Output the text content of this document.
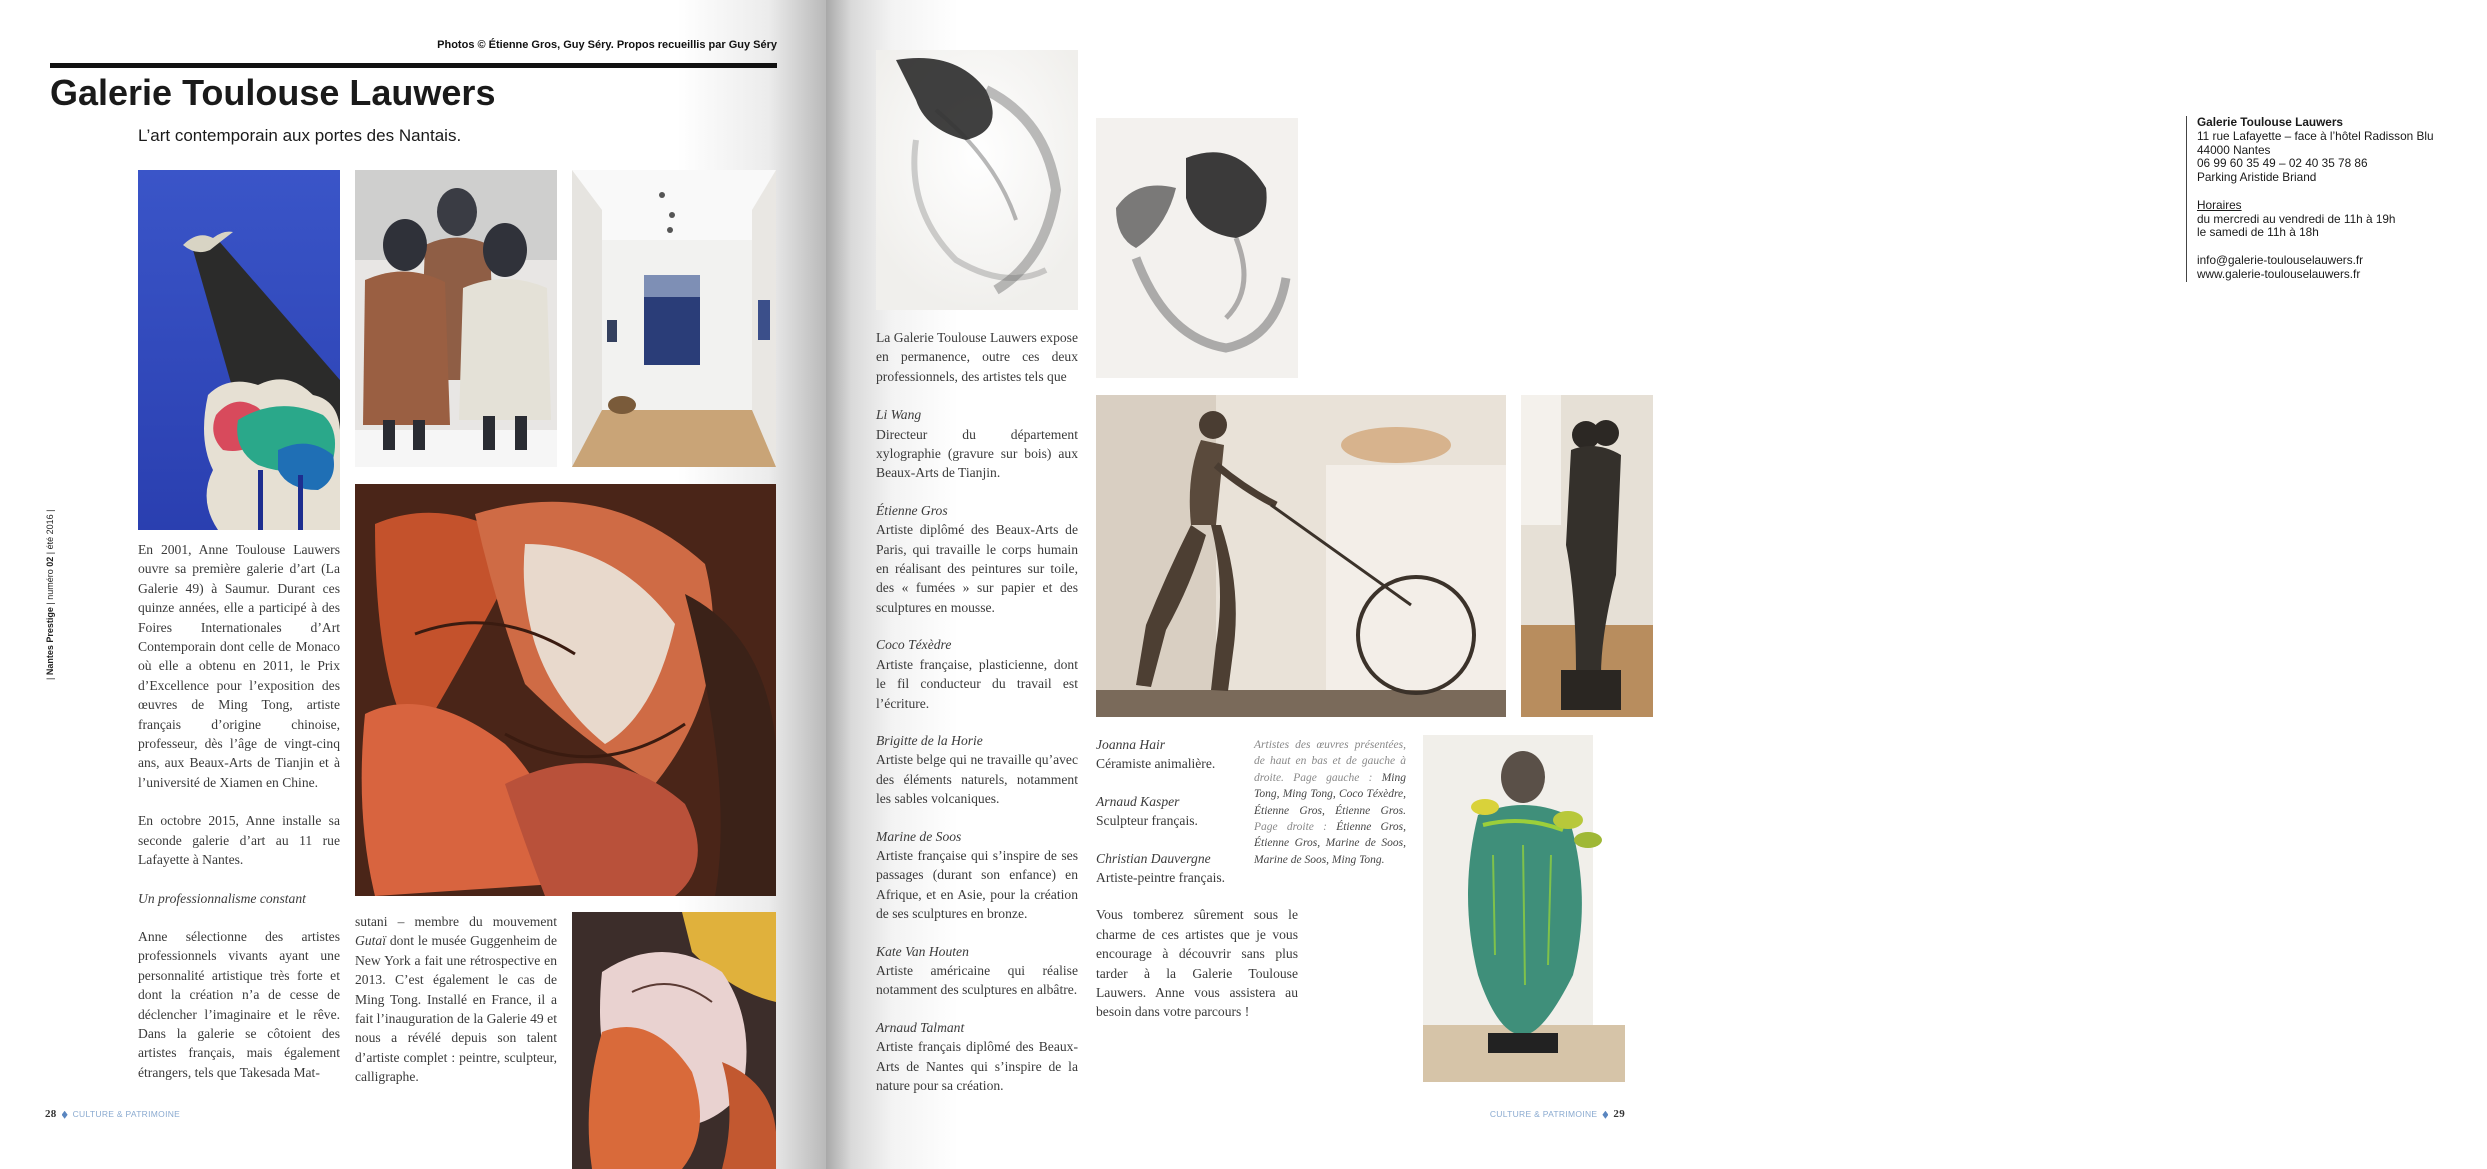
Photos © Étienne Gros, Guy Séry. Propos recueillis par Guy Séry
Galerie Toulouse Lauwers
L’art contemporain aux portes des Nantais.
| Nantes Prestige | numéro 02 | été 2016 |

En 2001, Anne Toulouse Lauwers ouvre sa première galerie d’art (La Galerie 49) à Saumur. Durant ces quinze années, elle a participé à des Foires Internationales d’Art Contemporain dont celle de Monaco où elle a obtenu en 2011, le Prix d’Excellence pour l’exposition des œuvres de Ming Tong, artiste français d’origine chinoise, professeur, dès l’âge de vingt-cinq ans, aux Beaux-Arts de Tianjin et à l’université de Xiamen en Chine.

En octobre 2015, Anne installe sa seconde galerie d’art au 11 rue Lafayette à Nantes.

Un professionnalisme constant

Anne sélectionne des artistes professionnels vivants ayant une personnalité artistique très forte et dont la création n’a de cesse de déclencher l’imaginaire et le rêve. Dans la galerie se côtoient des artistes français, mais également étrangers, tels que Takesada Mat-

sutani – membre du mouvement Gutaï dont le musée Guggenheim de New York a fait une rétrospective en 2013. C’est également le cas de Ming Tong. Installé en France, il a fait l’inauguration de la Galerie 49 et nous a révélé depuis son talent d’artiste complet : peintre, sculpteur, calligraphe.

28 CULTURE & PATRIMOINE
Galerie Toulouse Lauwers
11 rue Lafayette – face à l’hôtel Radisson Blu
44000 Nantes
06 99 60 35 49 – 02 40 35 78 86
Parking Aristide Briand
Horaires
du mercredi au vendredi de 11h à 19h
le samedi de 11h à 18h
info@galerie-toulouselauwers.fr
www.galerie-toulouselauwers.fr

La Galerie Toulouse Lauwers expose en permanence, outre ces deux professionnels, des artistes tels que

Li Wang
Directeur du département xylographie (gravure sur bois) aux Beaux-Arts de Tianjin.
Étienne Gros
Artiste diplômé des Beaux-Arts de Paris, qui travaille le corps humain en réalisant des peintures sur toile, des « fumées » sur papier et des sculptures en mousse.
Coco Téxèdre
Artiste française, plasticienne, dont le fil conducteur du travail est l’écriture.
Brigitte de la Horie
Artiste belge qui ne travaille qu’avec des éléments naturels, notamment les sables volcaniques.
Marine de Soos
Artiste française qui s’inspire de ses passages (durant son enfance) en Afrique, et en Asie, pour la création de ses sculptures en bronze.
Kate Van Houten
Artiste américaine qui réalise notamment des sculptures en albâtre.
Arnaud Talmant
Artiste français diplômé des Beaux-Arts de Nantes qui s’inspire de la nature pour sa création.
Joanna Hair
Céramiste animalière.
Arnaud Kasper
Sculpteur français.
Christian Dauvergne
Artiste-peintre français.

Vous tomberez sûrement sous le charme de ces artistes que je vous encourage à découvrir sans plus tarder à la Galerie Toulouse Lauwers. Anne vous assistera au besoin dans votre parcours !

Artistes des œuvres présentées, de haut en bas et de gauche à droite. Page gauche : Ming Tong, Ming Tong, Coco Téxèdre, Étienne Gros, Étienne Gros. Page droite : Étienne Gros, Étienne Gros, Marine de Soos, Marine de Soos, Ming Tong.
CULTURE & PATRIMOINE 29
